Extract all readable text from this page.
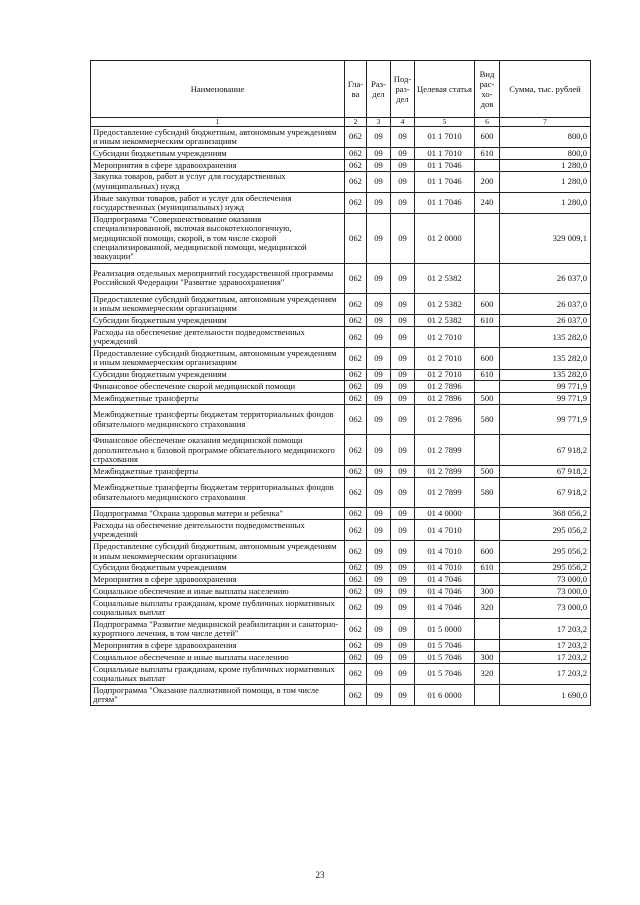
Наименование	Гла- ва	Раз- дел	Под- раз- дел	Целевая статья	Вид рас- хо- дов	Сумма, тыс. рублей
1	2	3	4	5	6	7
Предоставление субсидий бюджетным, автономным учреждениям и иным некоммерческим организациям	062	09	09	01 1 7010	600	800,0
Субсидии бюджетным учреждениям	062	09	09	01 1 7010	610	800,0
Мероприятия в сфере здравоохранения	062	09	09	01 1 7046		1 280,0
Закупка товаров, работ и услуг для государственных (муниципальных) нужд	062	09	09	01 1 7046	200	1 280,0
Иные закупки товаров, работ и услуг для обеспечения государственных (муниципальных) нужд	062	09	09	01 1 7046	240	1 280,0
Подпрограмма "Совершенствование оказания специализированной, включая высокотехнологичную, медицинской помощи, скорой, в том числе скорой специализированной, медицинской помощи, медицинской эвакуации"	062	09	09	01 2 0000		329 009,1
Реализация отдельных мероприятий государственной программы Российской Федерации "Развитие здравоохранения"	062	09	09	01 2 5382		26 037,0
Предоставление субсидий бюджетным, автономным учреждениям и иным некоммерческим организациям	062	09	09	01 2 5382	600	26 037,0
Субсидии бюджетным учреждениям	062	09	09	01 2 5382	610	26 037,0
Расходы на обеспечение деятельности подведомственных учреждений	062	09	09	01 2 7010		135 282,0
Предоставление субсидий бюджетным, автономным учреждениям и иным некоммерческим организациям	062	09	09	01 2 7010	600	135 282,0
Субсидии бюджетным учреждениям	062	09	09	01 2 7010	610	135 282,0
Финансовое обеспечение скорой медицинской помощи	062	09	09	01 2 7896		99 771,9
Межбюджетные трансферты	062	09	09	01 2 7896	500	99 771,9
Межбюджетные трансферты бюджетам территориальных фондов обязательного медицинского страхования	062	09	09	01 2 7896	580	99 771,9
Финансовое обеспечение оказания медицинской помощи дополнительно к базовой программе обязательного медицинского страхования	062	09	09	01 2 7899		67 918,2
Межбюджетные трансферты	062	09	09	01 2 7899	500	67 918,2
Межбюджетные трансферты бюджетам территориальных фондов обязательного медицинского страхования	062	09	09	01 2 7899	580	67 918,2
Подпрограмма "Охрана здоровья матери и ребенка"	062	09	09	01 4 0000		368 056,2
Расходы на обеспечение деятельности подведомственных учреждений	062	09	09	01 4 7010		295 056,2
Предоставление субсидий бюджетным, автономным учреждениям и иным некоммерческим организациям	062	09	09	01 4 7010	600	295 056,2
Субсидии бюджетным учреждениям	062	09	09	01 4 7010	610	295 056,2
Мероприятия в сфере здравоохранения	062	09	09	01 4 7046		73 000,0
Социальное обеспечение и иные выплаты населению	062	09	09	01 4 7046	300	73 000,0
Социальные выплаты гражданам, кроме публичных нормативных социальных выплат	062	09	09	01 4 7046	320	73 000,0
Подпрограмма "Развитие медицинской реабилитации и санаторно-курортного лечения, в том числе детей"	062	09	09	01 5 0000		17 203,2
Мероприятия в сфере здравоохранения	062	09	09	01 5 7046		17 203,2
Социальное обеспечение и иные выплаты населению	062	09	09	01 5 7046	300	17 203,2
Социальные выплаты гражданам, кроме публичных нормативных социальных выплат	062	09	09	01 5 7046	320	17 203,2
Подпрограмма "Оказание паллиативной помощи, в том числе детям"	062	09	09	01 6 0000		1 690,0
23
